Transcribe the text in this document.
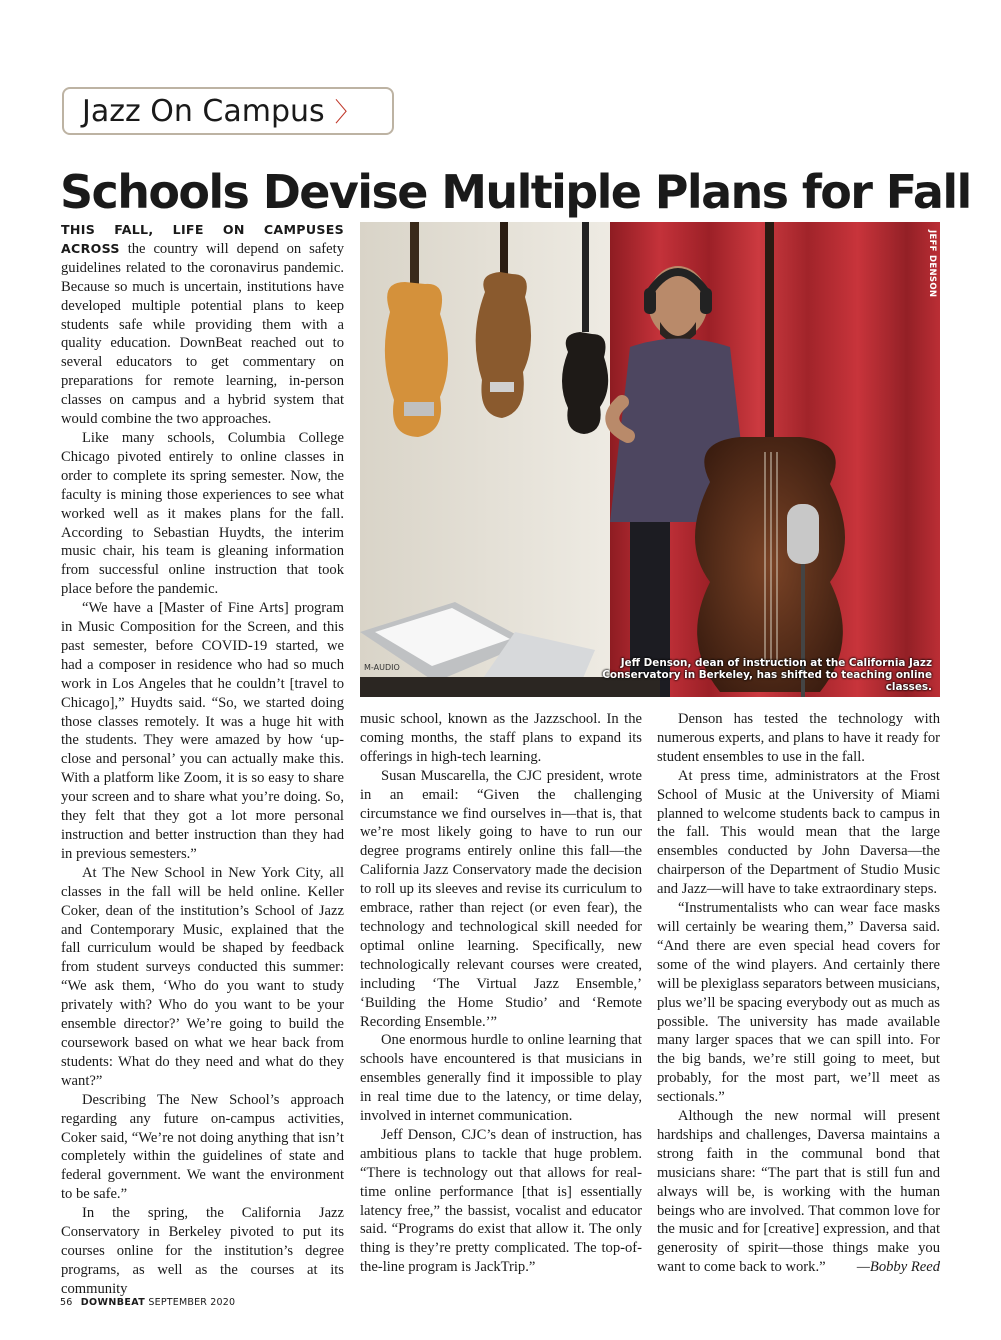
Jazz On Campus 〉
Schools Devise Multiple Plans for Fall

THIS FALL, LIFE ON CAMPUSES ACROSS the country will depend on safety guidelines related to the coronavirus pandemic. Because so much is uncertain, institutions have developed multiple potential plans to keep students safe while providing them with a quality education. DownBeat reached out to several educators to get commentary on preparations for remote learning, in-person classes on campus and a hybrid system that would combine the two approaches.

Like many schools, Columbia College Chicago pivoted entirely to online classes in order to complete its spring semester. Now, the faculty is mining those experiences to see what worked well as it makes plans for the fall. According to Sebastian Huydts, the interim music chair, his team is gleaning information from successful online instruction that took place before the pandemic.

“We have a [Master of Fine Arts] program in Music Composition for the Screen, and this past semester, before COVID-19 started, we had a composer in residence who had so much work in Los Angeles that he couldn’t [travel to Chicago],” Huydts said. “So, we started doing those classes remotely. It was a huge hit with the students. They were amazed by how ‘up-close and personal’ you can actually make this. With a platform like Zoom, it is so easy to share your screen and to share what you’re doing. So, they felt that they got a lot more personal instruction and better instruction than they had in previous semesters.”

At The New School in New York City, all classes in the fall will be held online. Keller Coker, dean of the institution’s School of Jazz and Contemporary Music, explained that the fall curriculum would be shaped by feedback from student surveys conducted this summer: “We ask them, ‘Who do you want to study privately with? Who do you want to be your ensemble director?’ We’re going to build the coursework based on what we hear back from students: What do they need and what do they want?”

Describing The New School’s approach regarding any future on-campus activities, Coker said, “We’re not doing anything that isn’t completely within the guidelines of state and federal government. We want the environment to be safe.”

In the spring, the California Jazz Conservatory in Berkeley pivoted to put its courses online for the institution’s degree programs, as well as the courses at its community

M-AUDIO
JEFF DENSON
Jeff Denson, dean of instruction at the California Jazz Conservatory in Berkeley, has shifted to teaching online classes.

music school, known as the Jazzschool. In the coming months, the staff plans to expand its offerings in high-tech learning.

Susan Muscarella, the CJC president, wrote in an email: “Given the challenging circumstance we find ourselves in—that is, that we’re most likely going to have to run our degree programs entirely online this fall—the California Jazz Conservatory made the decision to roll up its sleeves and revise its curriculum to embrace, rather than reject (or even fear), the technology and technological skill needed for optimal online learning. Specifically, new technologically relevant courses were created, including ‘The Virtual Jazz Ensemble,’ ‘Building the Home Studio’ and ‘Remote Recording Ensemble.’”

One enormous hurdle to online learning that schools have encountered is that musicians in ensembles generally find it impossible to play in real time due to the latency, or time delay, involved in internet communication.

Jeff Denson, CJC’s dean of instruction, has ambitious plans to tackle that huge problem. “There is technology out that allows for real-time online performance [that is] essentially latency free,” the bassist, vocalist and educator said. “Programs do exist that allow it. The only thing is they’re pretty complicated. The top-of-the-line program is JackTrip.”

Denson has tested the technology with numerous experts, and plans to have it ready for student ensembles to use in the fall.

At press time, administrators at the Frost School of Music at the University of Miami planned to welcome students back to campus in the fall. This would mean that the large ensembles conducted by John Daversa—the chairperson of the Department of Studio Music and Jazz—will have to take extraordinary steps.

“Instrumentalists who can wear face masks will certainly be wearing them,” Daversa said. “And there are even special head covers for some of the wind players. And certainly there will be plexiglass separators between musicians, plus we’ll be spacing everybody out as much as possible. The university has made available many larger spaces that we can spill into. For the big bands, we’re still going to meet, but probably, for the most part, we’ll meet as sectionals.”

Although the new normal will present hardships and challenges, Daversa maintains a strong faith in the communal bond that musicians share: “The part that is still fun and always will be, is working with the human beings who are involved. That common love for the music and for [creative] expression, and that generosity of spirit—those things make you want to come back to work.”	—Bobby Reed

56 DOWNBEAT SEPTEMBER 2020
